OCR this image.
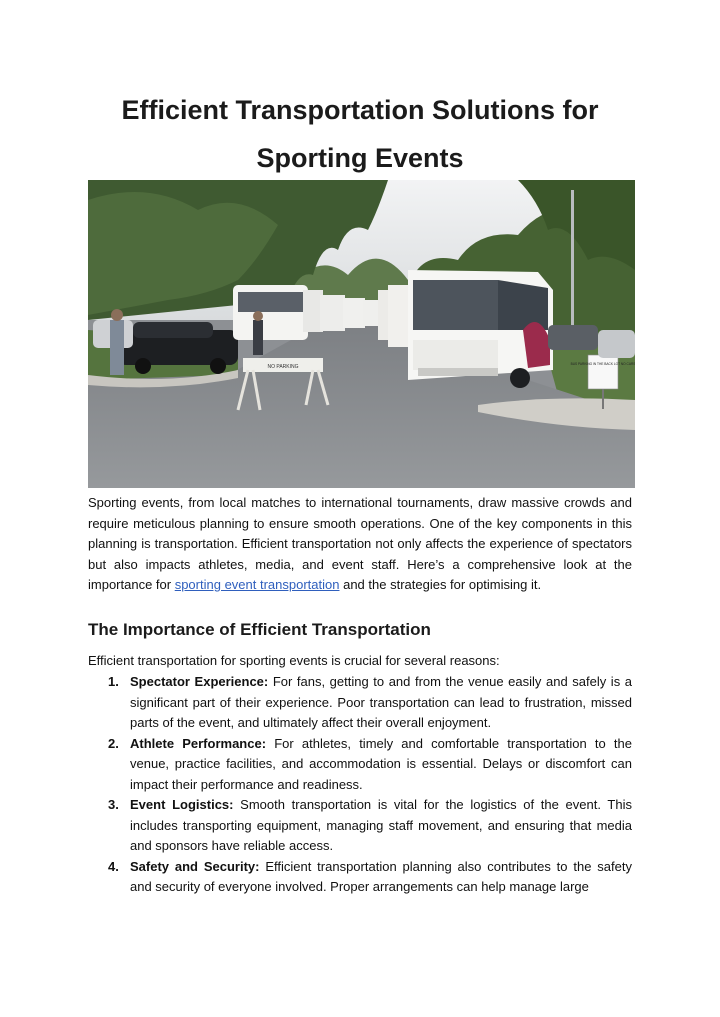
Efficient Transportation Solutions for
Sporting Events
NO PARKING	BUS PARKING IN THE BACK LOT NO CARS

Sporting events, from local matches to international tournaments, draw massive crowds and require meticulous planning to ensure smooth operations. One of the key components in this planning is transportation. Efficient transportation not only affects the experience of spectators but also impacts athletes, media, and event staff. Here’s a comprehensive look at the importance for sporting event transportation and the strategies for optimising it.

The Importance of Efficient Transportation

Efficient transportation for sporting events is crucial for several reasons:

1. Spectator Experience: For fans, getting to and from the venue easily and safely is a significant part of their experience. Poor transportation can lead to frustration, missed parts of the event, and ultimately affect their overall enjoyment.
2. Athlete Performance: For athletes, timely and comfortable transportation to the venue, practice facilities, and accommodation is essential. Delays or discomfort can impact their performance and readiness.
3. Event Logistics: Smooth transportation is vital for the logistics of the event. This includes transporting equipment, managing staff movement, and ensuring that media and sponsors have reliable access.
4. Safety and Security: Efficient transportation planning also contributes to the safety and security of everyone involved. Proper arrangements can help manage large
